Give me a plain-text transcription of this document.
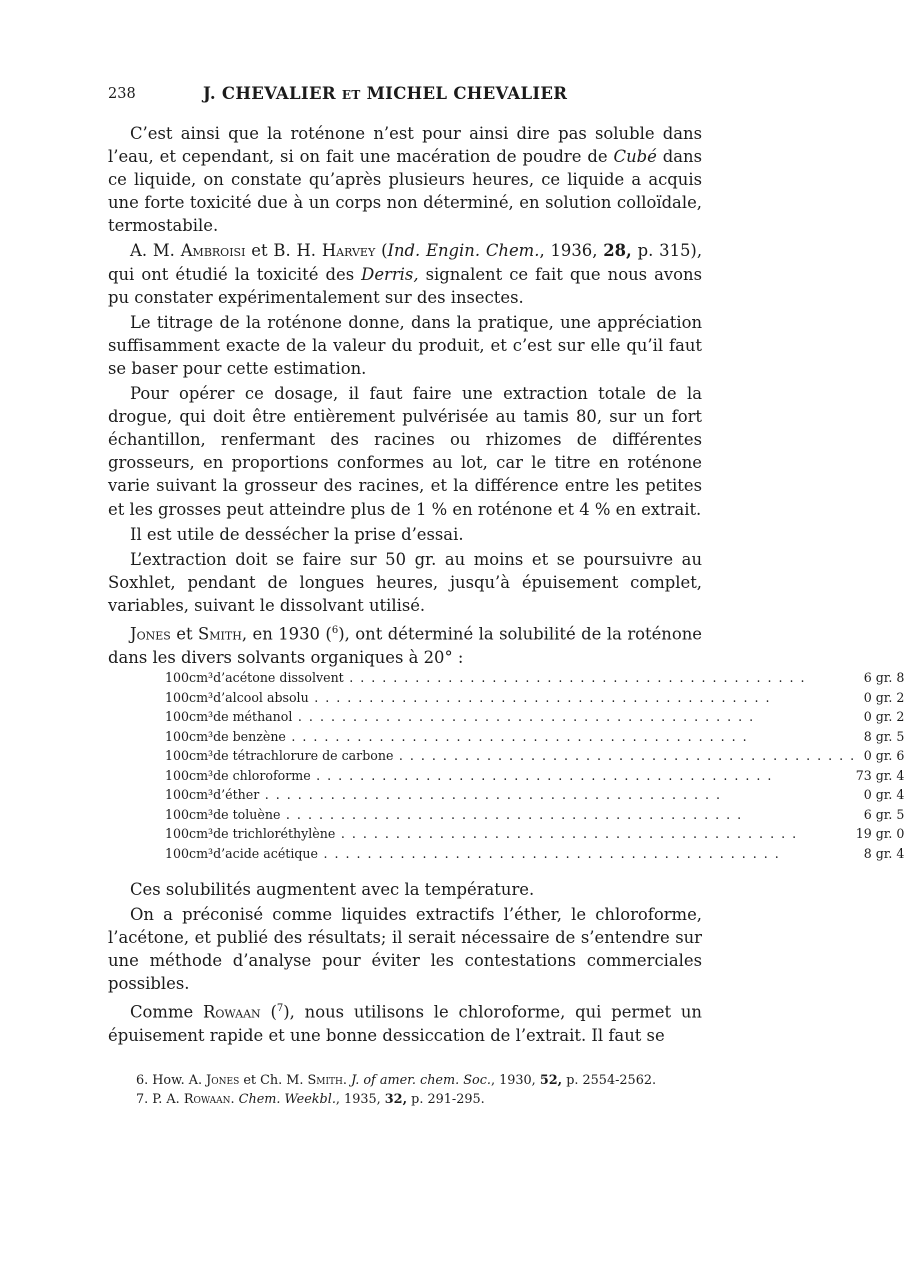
238	J. CHEVALIER et MICHEL CHEVALIER

C’est ainsi que la roténone n’est pour ainsi dire pas soluble dans l’eau, et cependant, si on fait une macération de poudre de Cubé dans ce liquide, on constate qu’après plusieurs heures, ce liquide a acquis une forte toxicité due à un corps non déterminé, en solution colloïdale, termostabile.

A. M. Ambroisi et B. H. Harvey (Ind. Engin. Chem., 1936, 28, p. 315), qui ont étudié la toxicité des Derris, signalent ce fait que nous avons pu constater expérimentalement sur des insectes.

Le titrage de la roténone donne, dans la pratique, une appréciation suffisamment exacte de la valeur du produit, et c’est sur elle qu’il faut se baser pour cette estimation.

Pour opérer ce dosage, il faut faire une extraction totale de la drogue, qui doit être entièrement pulvérisée au tamis 80, sur un fort échantillon, renfermant des racines ou rhizomes de différentes grosseurs, en proportions conformes au lot, car le titre en roténone varie suivant la grosseur des racines, et la différence entre les petites et les grosses peut atteindre plus de 1 % en roténone et 4 % en extrait.

Il est utile de dessécher la prise d’essai.

L’extraction doit se faire sur 50 gr. au moins et se poursuivre au Soxhlet, pendant de longues heures, jusqu’à épuisement complet, variables, suivant le dissolvant utilisé.

Jones et Smith, en 1930 ($^6$), ont déterminé la solubilité de la roténone dans les divers solvants organiques à 20° :

100	cm³	d’acétone dissolvent . . .	6 gr. 8
100	cm³	d’alcool absolu . . .	0 gr. 2
100	cm³	de méthanol . . .	0 gr. 2
100	cm³	de benzène . . .	8 gr. 5
100	cm³	de tétrachlorure de carbone . . .	0 gr. 6
100	cm³	de chloroforme . . .	73 gr. 4
100	cm³	d’éther . . .	0 gr. 4
100	cm³	de toluène . . .	6 gr. 5
100	cm³	de trichloréthylène . . .	19 gr. 0
100	cm³	d’acide acétique . . .	8 gr. 4

Ces solubilités augmentent avec la température.

On a préconisé comme liquides extractifs l’éther, le chloroforme, l’acétone, et publié des résultats; il serait nécessaire de s’entendre sur une méthode d’analyse pour éviter les contestations commerciales possibles.

Comme Rowaan ($^7$), nous utilisons le chloroforme, qui permet un épuisement rapide et une bonne dessiccation de l’extrait. Il faut se

6. How. A. Jones et Ch. M. Smith. J. of amer. chem. Soc., 1930, 52, p. 2554-2562.

7. P. A. Rowaan. Chem. Weekbl., 1935, 32, p. 291-295.
